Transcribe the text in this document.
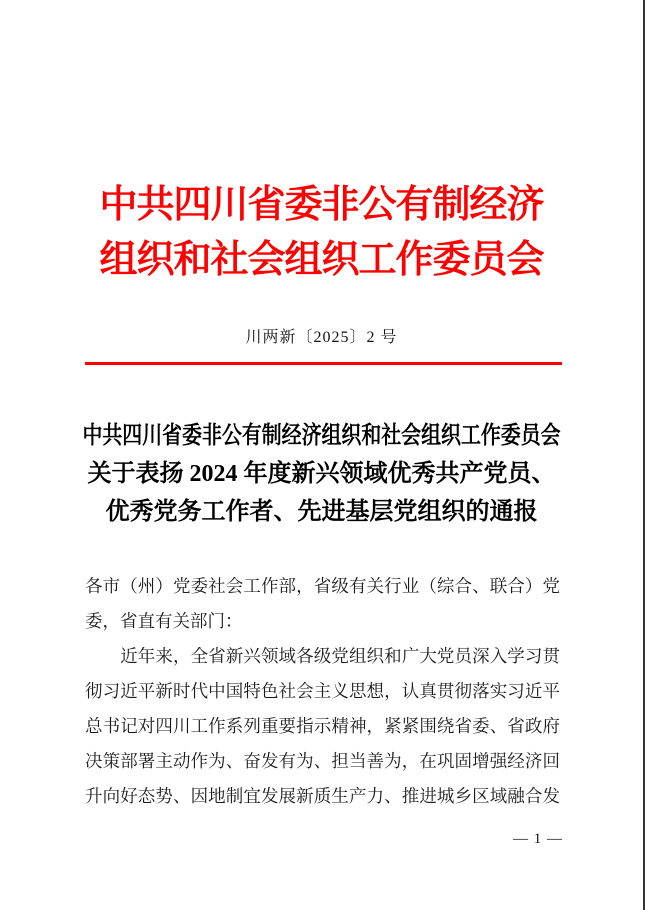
中共四川省委非公有制经济
组织和社会组织工作委员会
川两新〔2025〕2 号
中共四川省委非公有制经济组织和社会组织工作委员会
关于表扬 2024 年度新兴领域优秀共产党员、
优秀党务工作者、先进基层党组织的通报
各市（州）党委社会工作部，省级有关行业（综合、联合）党
委，省直有关部门：
　　近年来，全省新兴领域各级党组织和广大党员深入学习贯
彻习近平新时代中国特色社会主义思想，认真贯彻落实习近平
总书记对四川工作系列重要指示精神，紧紧围绕省委、省政府
决策部署主动作为、奋发有为、担当善为，在巩固增强经济回
升向好态势、因地制宜发展新质生产力、推进城乡区域融合发
— 1 —
